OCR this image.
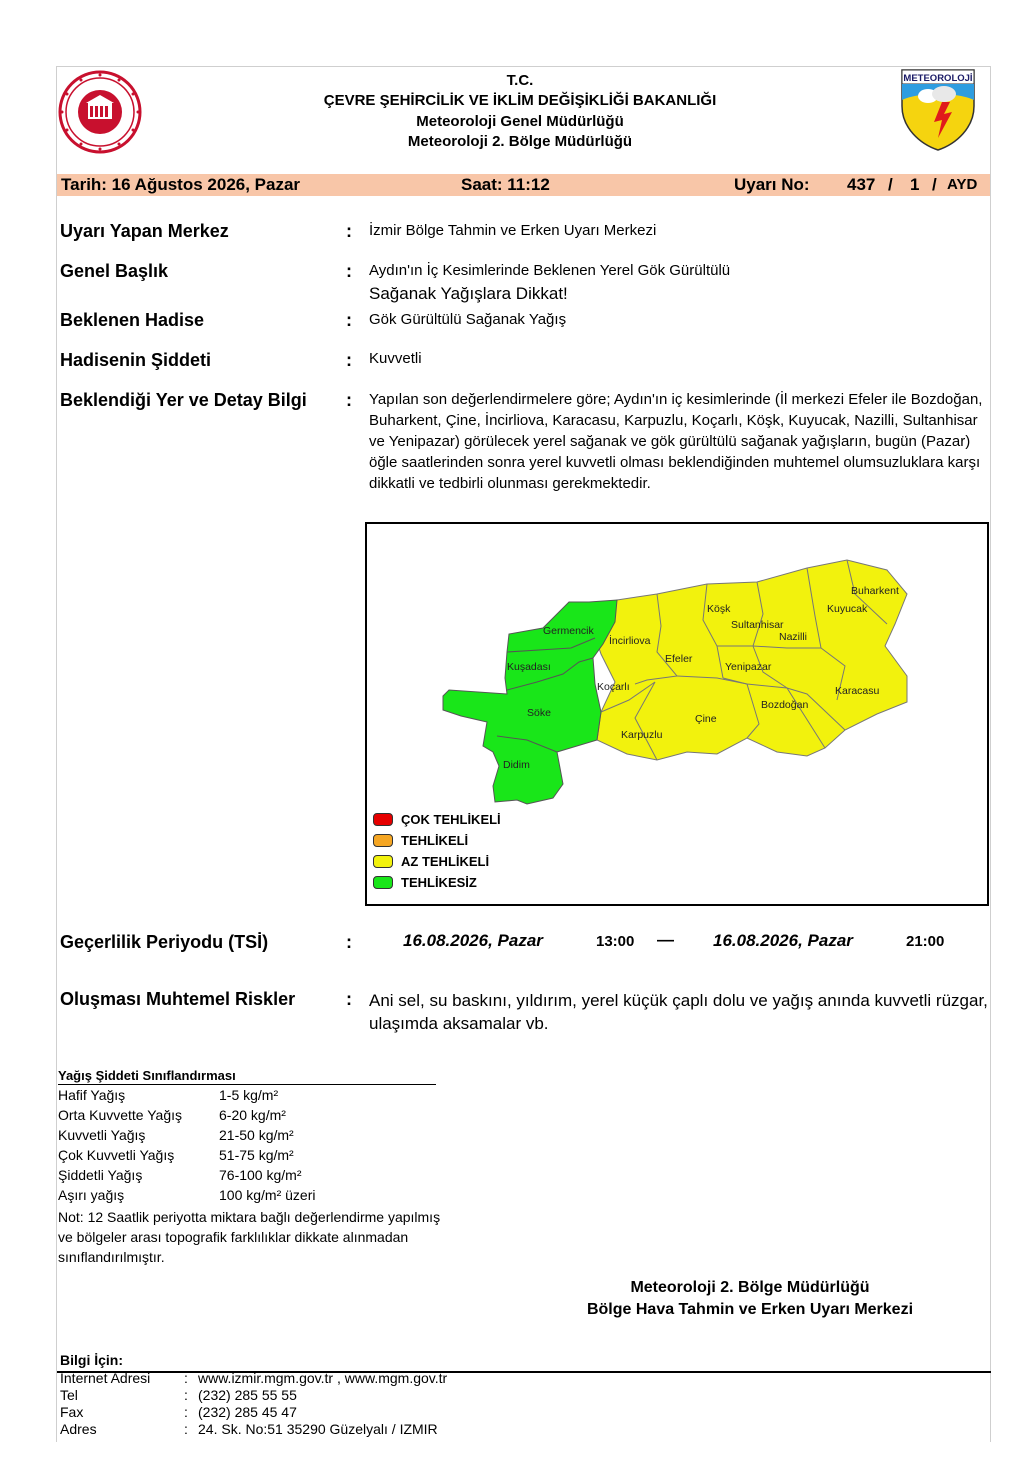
METEOROLOJİ
T.C.
ÇEVRE ŞEHİRCİLİK VE İKLİM DEĞİŞİKLİĞİ BAKANLIĞI
Meteoroloji Genel Müdürlüğü
Meteoroloji 2. Bölge Müdürlüğü
Tarih: 16 Ağustos 2026, Pazar	Saat: 11:12	Uyarı No: 437 / 1 / AYD
Uyarı Yapan Merkez	: İzmir Bölge Tahmin ve Erken Uyarı Merkezi
Genel Başlık	: Aydın'ın İç Kesimlerinde Beklenen Yerel Gök Gürültülü
Sağanak Yağışlara Dikkat!
Beklenen Hadise	: Gök Gürültülü Sağanak Yağış
Hadisenin Şiddeti	: Kuvvetli
Beklendiği Yer ve Detay Bilgi : Yapılan son değerlendirmelere göre; Aydın'ın iç kesimlerinde (İl merkezi Efeler ile Bozdoğan, Buharkent, Çine, İncirliova, Karacasu, Karpuzlu, Koçarlı, Köşk, Kuyucak, Nazilli, Sultanhisar ve Yenipazar) görülecek yerel sağanak ve gök gürültülü sağanak yağışların, bugün (Pazar) öğle saatlerinden sonra yerel kuvvetli olması beklendiğinden muhtemel olumsuzluklara karşı dikkatli ve tedbirli olunması gerekmektedir.
Germencik
Kuşadası
Söke
Didim
İncirliova
Efeler
Köşk
Sultanhisar
Nazilli
Buharkent
Kuyucak
Yenipazar
Koçarlı
Çine
Karpuzlu
Bozdoğan
Karacasu
ÇOK TEHLİKELİ
TEHLİKELİ
AZ TEHLİKELİ
TEHLİKESİZ
Geçerlilik Periyodu (TSİ)	:	16.08.2026, Pazar	13:00 — 16.08.2026, Pazar	21:00
Oluşması Muhtemel Riskler	: Ani sel, su baskını, yıldırım, yerel küçük çaplı dolu ve yağış anında kuvvetli rüzgar, ulaşımda aksamalar vb.
Yağış Şiddeti Sınıflandırması
Hafif Yağış	1-5 kg/m²
Orta Kuvvette Yağış	6-20 kg/m²
Kuvvetli Yağış	21-50 kg/m²
Çok Kuvvetli Yağış	51-75 kg/m²
Şiddetli Yağış	76-100 kg/m²
Aşırı yağış	100 kg/m² üzeri
Not: 12 Saatlik periyotta miktara bağlı değerlendirme yapılmış ve bölgeler arası topografik farklılıklar dikkate alınmadan sınıflandırılmıştır.
Meteoroloji 2. Bölge Müdürlüğü
Bölge Hava Tahmin ve Erken Uyarı Merkezi
Bilgi İçin:
Internet Adresi : www.izmir.mgm.gov.tr , www.mgm.gov.tr
Tel	: (232) 285 55 55
Fax	: (232) 285 45 47
Adres	: 24. Sk. No:51 35290 Güzelyalı / IZMIR
